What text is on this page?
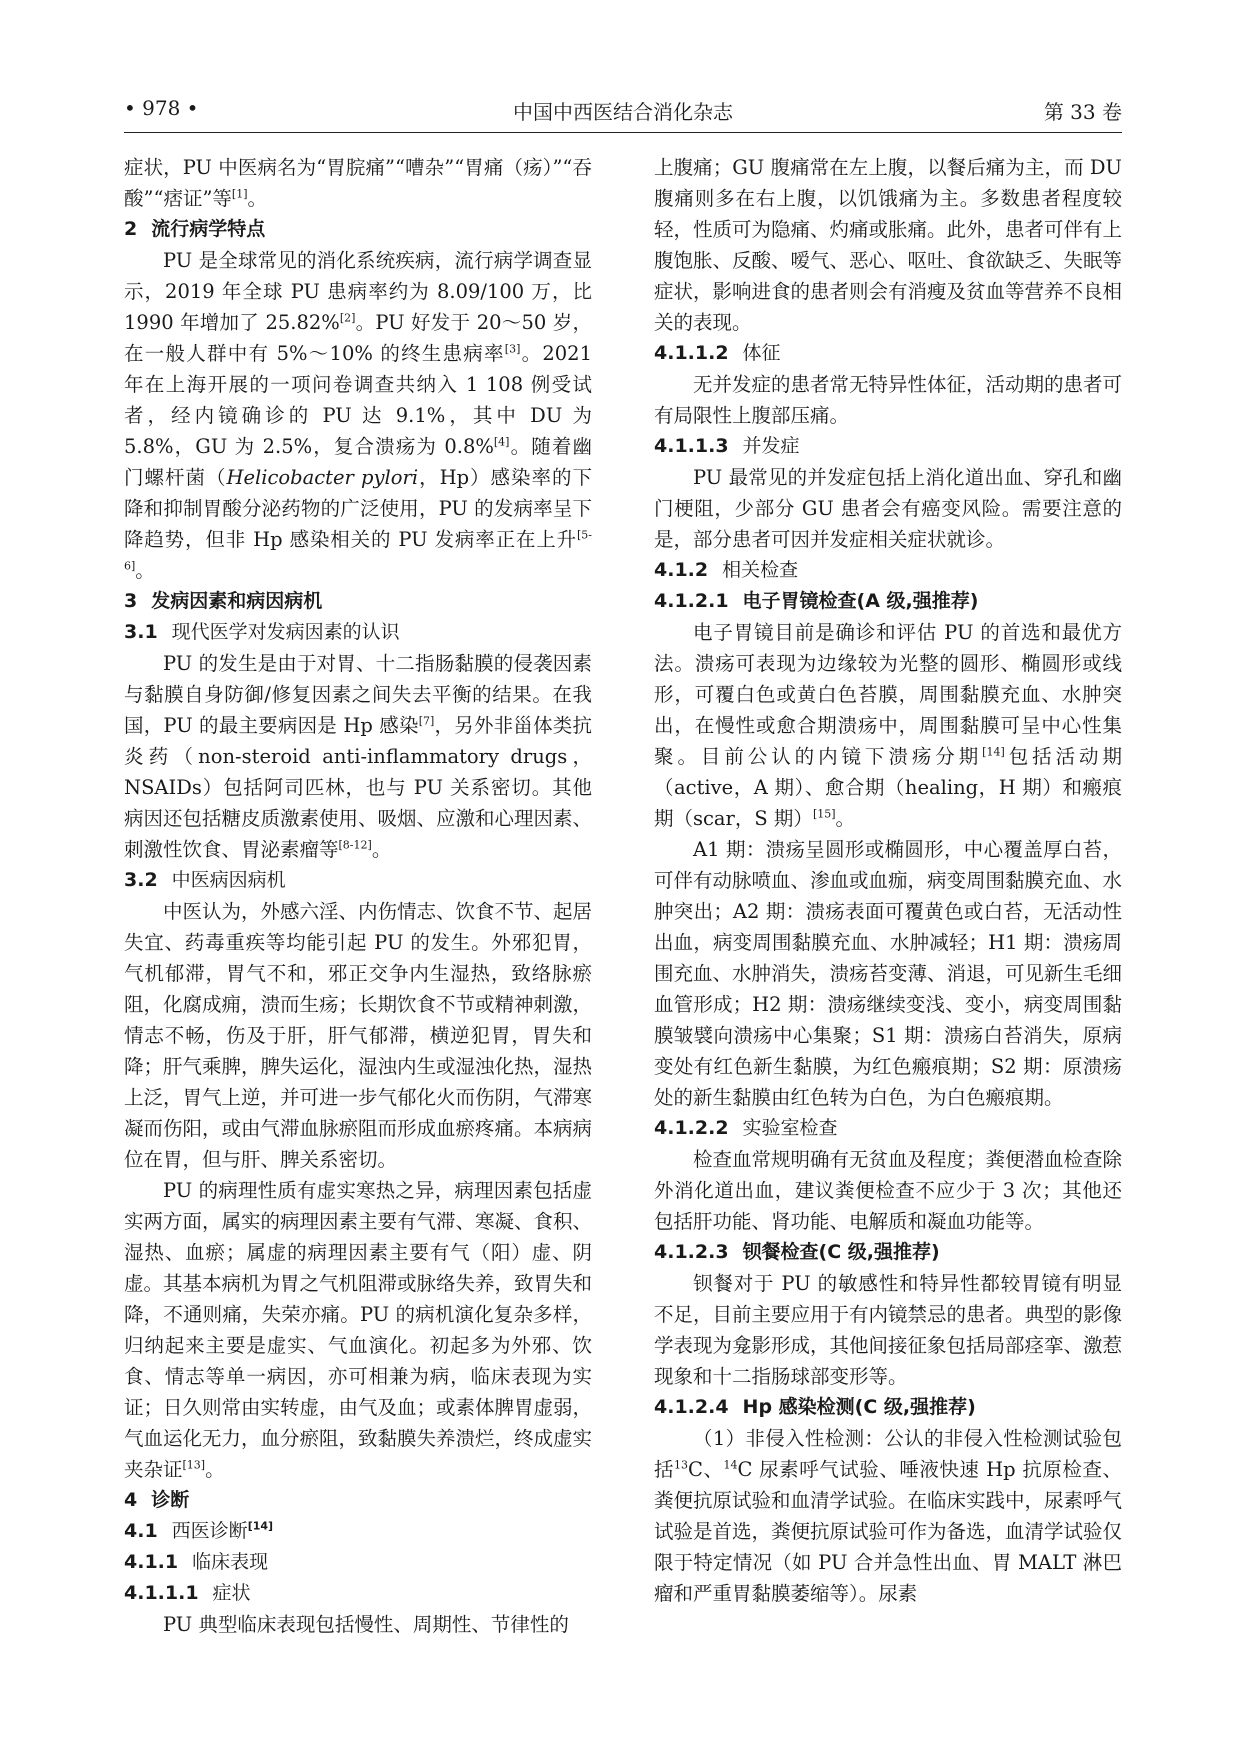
中国中西医结合消化杂志
• 978 •	第 33 卷

症状，PU 中医病名为“胃脘痛”“嘈杂”“胃痛（疡）”“吞酸”“痞证”等[1]。

2 流行病学特点

PU 是全球常见的消化系统疾病，流行病学调查显示，2019 年全球 PU 患病率约为 8.09/100 万，比 1990 年增加了 25.82%[2]。PU 好发于 20～50 岁，在一般人群中有 5%～10% 的终生患病率[3]。2021 年在上海开展的一项问卷调查共纳入 1 108 例受试者，经内镜确诊的 PU 达 9.1%，其中 DU 为 5.8%，GU 为 2.5%，复合溃疡为 0.8%[4]。随着幽门螺杆菌（Helicobacter pylori，Hp）感染率的下降和抑制胃酸分泌药物的广泛使用，PU 的发病率呈下降趋势，但非 Hp 感染相关的 PU 发病率正在上升[5-6]。

3 发病因素和病因病机

3.1 现代医学对发病因素的认识

PU 的发生是由于对胃、十二指肠黏膜的侵袭因素与黏膜自身防御/修复因素之间失去平衡的结果。在我国，PU 的最主要病因是 Hp 感染[7]，另外非甾体类抗炎药（non-steroid anti-inflammatory drugs，NSAIDs）包括阿司匹林，也与 PU 关系密切。其他病因还包括糖皮质激素使用、吸烟、应激和心理因素、刺激性饮食、胃泌素瘤等[8-12]。

3.2 中医病因病机

中医认为，外感六淫、内伤情志、饮食不节、起居失宜、药毒重疾等均能引起 PU 的发生。外邪犯胃，气机郁滞，胃气不和，邪正交争内生湿热，致络脉瘀阻，化腐成痈，溃而生疡；长期饮食不节或精神刺激，情志不畅，伤及于肝，肝气郁滞，横逆犯胃，胃失和降；肝气乘脾，脾失运化，湿浊内生或湿浊化热，湿热上泛，胃气上逆，并可进一步气郁化火而伤阴，气滞寒凝而伤阳，或由气滞血脉瘀阻而形成血瘀疼痛。本病病位在胃，但与肝、脾关系密切。

PU 的病理性质有虚实寒热之异，病理因素包括虚实两方面，属实的病理因素主要有气滞、寒凝、食积、湿热、血瘀；属虚的病理因素主要有气（阳）虚、阴虚。其基本病机为胃之气机阻滞或脉络失养，致胃失和降，不通则痛，失荣亦痛。PU 的病机演化复杂多样，归纳起来主要是虚实、气血演化。初起多为外邪、饮食、情志等单一病因，亦可相兼为病，临床表现为实证；日久则常由实转虚，由气及血；或素体脾胃虚弱，气血运化无力，血分瘀阻，致黏膜失养溃烂，终成虚实夹杂证[13]。

4 诊断

4.1 西医诊断[14]

4.1.1 临床表现

4.1.1.1 症状

PU 典型临床表现包括慢性、周期性、节律性的

上腹痛；GU 腹痛常在左上腹，以餐后痛为主，而 DU 腹痛则多在右上腹，以饥饿痛为主。多数患者程度较轻，性质可为隐痛、灼痛或胀痛。此外，患者可伴有上腹饱胀、反酸、嗳气、恶心、呕吐、食欲缺乏、失眠等症状，影响进食的患者则会有消瘦及贫血等营养不良相关的表现。

4.1.1.2 体征

无并发症的患者常无特异性体征，活动期的患者可有局限性上腹部压痛。

4.1.1.3 并发症

PU 最常见的并发症包括上消化道出血、穿孔和幽门梗阻，少部分 GU 患者会有癌变风险。需要注意的是，部分患者可因并发症相关症状就诊。

4.1.2 相关检查

4.1.2.1 电子胃镜检查(A 级,强推荐)

电子胃镜目前是确诊和评估 PU 的首选和最优方法。溃疡可表现为边缘较为光整的圆形、椭圆形或线形，可覆白色或黄白色苔膜，周围黏膜充血、水肿突出，在慢性或愈合期溃疡中，周围黏膜可呈中心性集聚。目前公认的内镜下溃疡分期[14]包括活动期（active，A 期）、愈合期（healing，H 期）和瘢痕期（scar，S 期）[15]。

A1 期：溃疡呈圆形或椭圆形，中心覆盖厚白苔，可伴有动脉喷血、渗血或血痂，病变周围黏膜充血、水肿突出；A2 期：溃疡表面可覆黄色或白苔，无活动性出血，病变周围黏膜充血、水肿减轻；H1 期：溃疡周围充血、水肿消失，溃疡苔变薄、消退，可见新生毛细血管形成；H2 期：溃疡继续变浅、变小，病变周围黏膜皱襞向溃疡中心集聚；S1 期：溃疡白苔消失，原病变处有红色新生黏膜，为红色瘢痕期；S2 期：原溃疡处的新生黏膜由红色转为白色，为白色瘢痕期。

4.1.2.2 实验室检查

检查血常规明确有无贫血及程度；粪便潜血检查除外消化道出血，建议粪便检查不应少于 3 次；其他还包括肝功能、肾功能、电解质和凝血功能等。

4.1.2.3 钡餐检查(C 级,强推荐)

钡餐对于 PU 的敏感性和特异性都较胃镜有明显不足，目前主要应用于有内镜禁忌的患者。典型的影像学表现为龛影形成，其他间接征象包括局部痉挛、激惹现象和十二指肠球部变形等。

4.1.2.4 Hp 感染检测(C 级,强推荐)

（1）非侵入性检测：公认的非侵入性检测试验包括$^{13}$C、$^{14}$C 尿素呼气试验、唾液快速 Hp 抗原检查、粪便抗原试验和血清学试验。在临床实践中，尿素呼气试验是首选，粪便抗原试验可作为备选，血清学试验仅限于特定情况（如 PU 合并急性出血、胃 MALT 淋巴瘤和严重胃黏膜萎缩等）。尿素
